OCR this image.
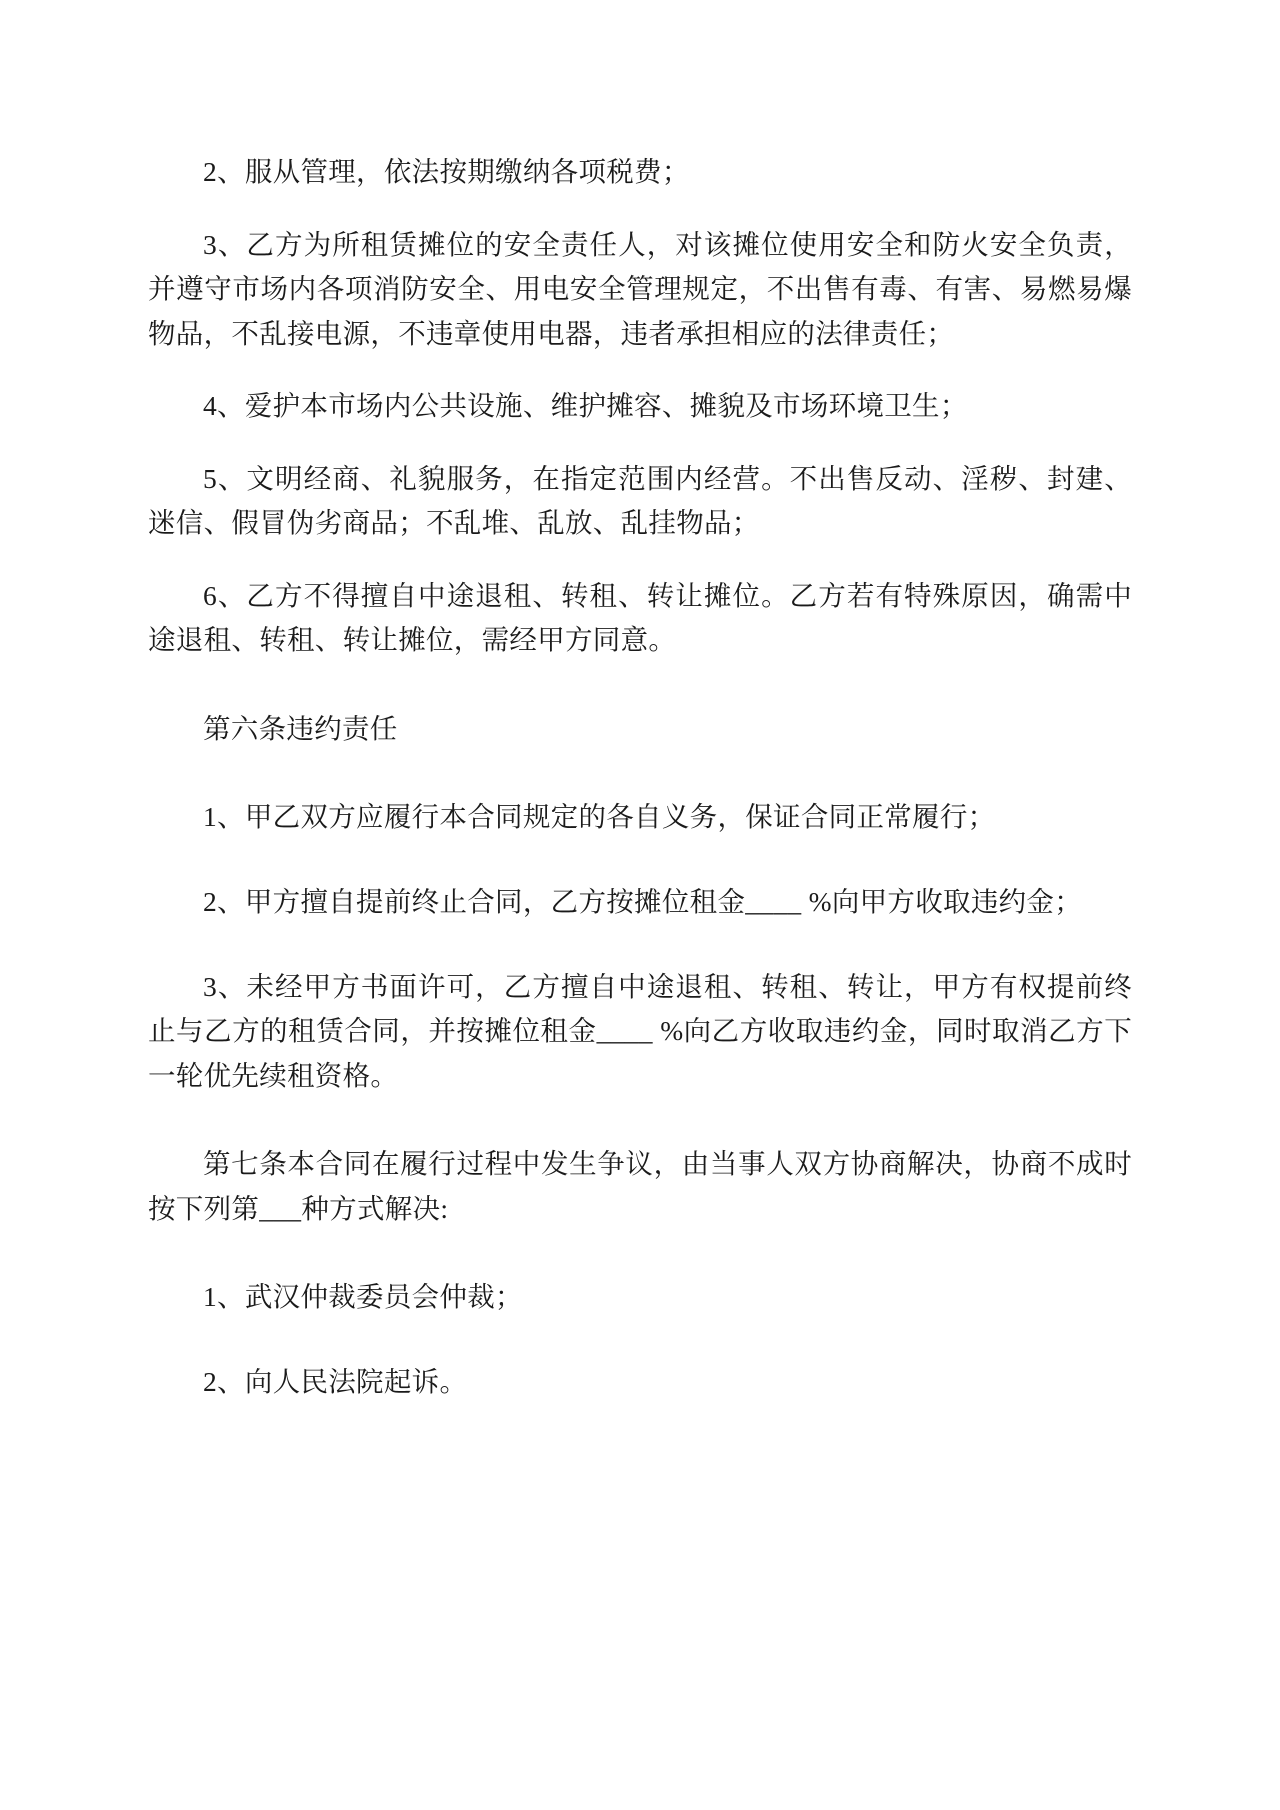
2、服从管理，依法按期缴纳各项税费；

3、乙方为所租赁摊位的安全责任人，对该摊位使用安全和防火安全负责，并遵守市场内各项消防安全、用电安全管理规定，不出售有毒、有害、易燃易爆物品，不乱接电源，不违章使用电器，违者承担相应的法律责任；

4、爱护本市场内公共设施、维护摊容、摊貌及市场环境卫生；

5、文明经商、礼貌服务，在指定范围内经营。不出售反动、淫秽、封建、迷信、假冒伪劣商品；不乱堆、乱放、乱挂物品；

6、乙方不得擅自中途退租、转租、转让摊位。乙方若有特殊原因，确需中途退租、转租、转让摊位，需经甲方同意。

第六条违约责任

1、甲乙双方应履行本合同规定的各自义务，保证合同正常履行；

2、甲方擅自提前终止合同，乙方按摊位租金____ %向甲方收取违约金；

3、未经甲方书面许可，乙方擅自中途退租、转租、转让，甲方有权提前终止与乙方的租赁合同，并按摊位租金____ %向乙方收取违约金，同时取消乙方下一轮优先续租资格。

第七条本合同在履行过程中发生争议，由当事人双方协商解决，协商不成时按下列第___种方式解决:

1、武汉仲裁委员会仲裁；

2、向人民法院起诉。
